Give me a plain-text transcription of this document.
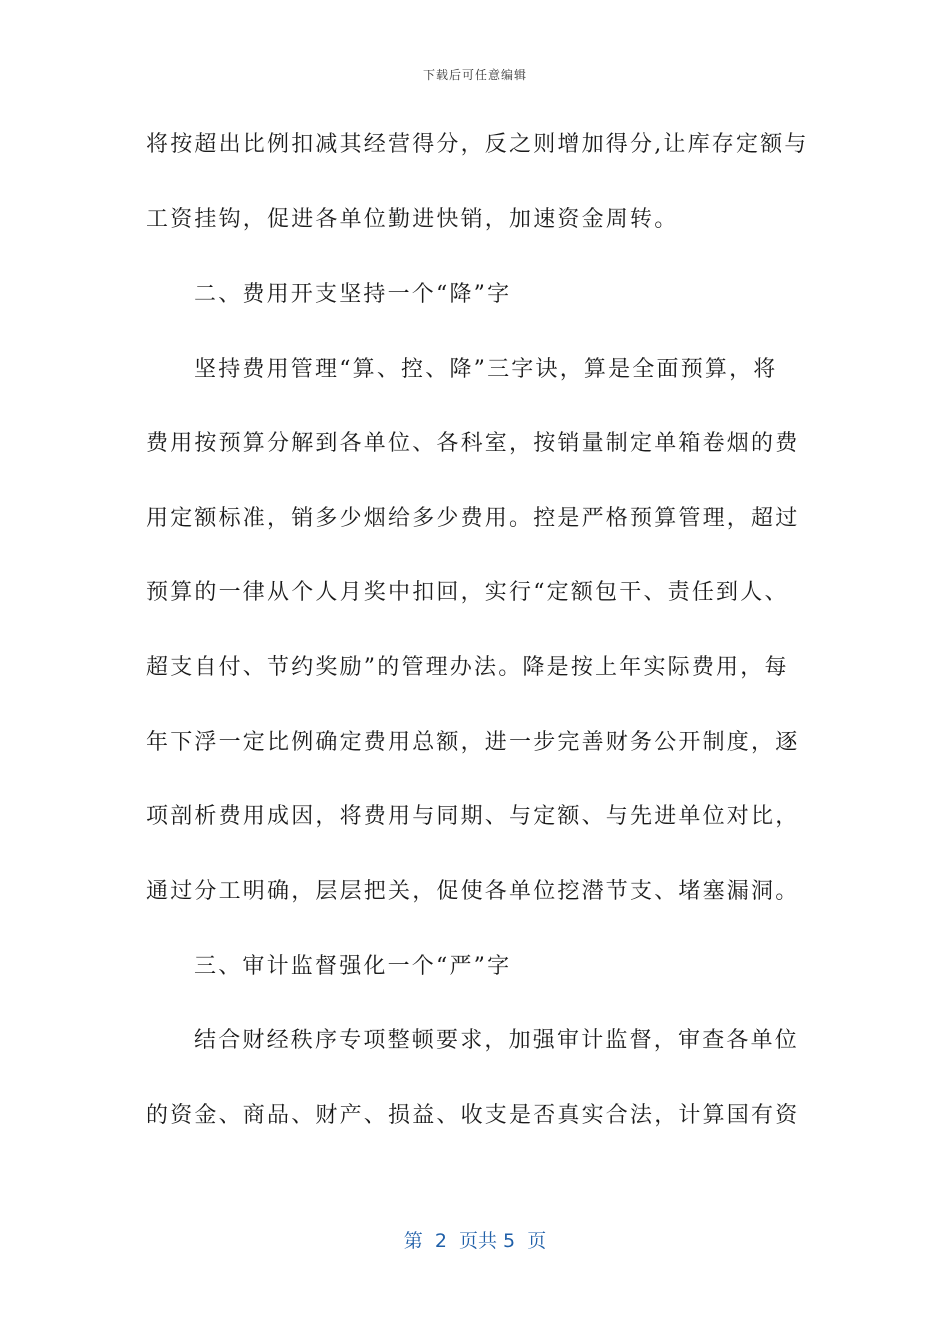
下载后可任意编辑
将按超出比例扣减其经营得分，反之则增加得分,让库存定额与
工资挂钩，促进各单位勤进快销，加速资金周转。
二、费用开支坚持一个“降”字
坚持费用管理“算、控、降”三字诀，算是全面预算，将
费用按预算分解到各单位、各科室，按销量制定单箱卷烟的费
用定额标准，销多少烟给多少费用。控是严格预算管理，超过
预算的一律从个人月奖中扣回，实行“定额包干、责任到人、
超支自付、节约奖励”的管理办法。降是按上年实际费用，每
年下浮一定比例确定费用总额，进一步完善财务公开制度，逐
项剖析费用成因，将费用与同期、与定额、与先进单位对比，
通过分工明确，层层把关，促使各单位挖潜节支、堵塞漏洞。
三、审计监督强化一个“严”字
结合财经秩序专项整顿要求，加强审计监督，审查各单位
的资金、商品、财产、损益、收支是否真实合法，计算国有资
第  2  页共 5  页
